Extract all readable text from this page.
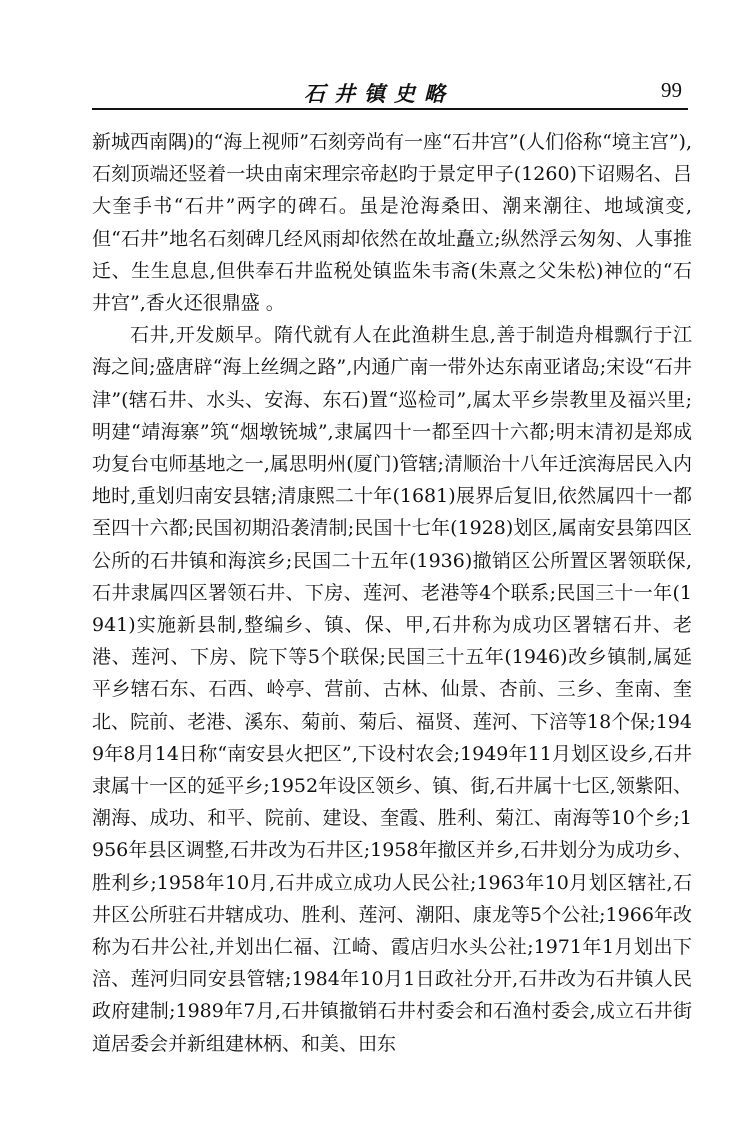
石井镇史略	99

新城西南隅)的“海上视师”石刻旁尚有一座“石井宫”(人们俗称“境主宫”),石刻顶端还竖着一块由南宋理宗帝赵昀于景定甲子(1260)下诏赐名、吕大奎手书“石井”两字的碑石。虽是沧海桑田、潮来潮往、地域演变,但“石井”地名石刻碑几经风雨却依然在故址矗立;纵然浮云匆匆、人事推迁、生生息息,但供奉石井监税处镇监朱韦斋(朱熹之父朱松)神位的“石井宫”,香火还很鼎盛 。

石井,开发颇早。隋代就有人在此渔耕生息,善于制造舟楫飘行于江海之间;盛唐辟“海上丝绸之路”,内通广南一带外达东南亚诸岛;宋设“石井津”(辖石井、水头、安海、东石)置“巡检司”,属太平乡崇教里及福兴里;明建“靖海寨”筑“烟墩铳城”,隶属四十一都至四十六都;明末清初是郑成功复台屯师基地之一,属思明州(厦门)管辖;清顺治十八年迁滨海居民入内地时,重划归南安县辖;清康熙二十年(1681)展界后复旧,依然属四十一都 至四十六都;民国初期沿袭清制;民国十七年(1928)划区,属南安县第四区公所的石井镇和海滨乡;民国二十五年(1936)撤销区公所置区署领联保,石井隶属四区署领石井、下房、莲河、老港等4个联系;民国三十一年(1941)实施新县制,整编乡、镇、保、甲,石井称为成功区署辖石井、老港、莲河、下房、院下等5个联保;民国三十五年(1946)改乡镇制,属延平乡辖石东、石西、岭亭、营前、古林、仙景、杏前、三乡、奎南、奎北、院前、老港、溪东、菊前、菊后、福贤、莲河、下涪等18个保;1949年8月14日称“南安县火把区”,下设村农会;1949年11月划区设乡,石井隶属十一区的延平乡;1952年设区领乡、镇、街,石井属十七区,领紫阳、潮海、成功、和平、院前、建设、奎霞、胜利、菊江、南海等10个乡;1956年县区调整,石井改为石井区;1958年撤区并乡,石井划分为成功乡、胜利乡;1958年10月,石井成立成功人民公社;1963年10月划区辖社,石井区公所驻石井辖成功、胜利、莲河、潮阳、康龙等5个公社;1966年改称为石井公社,并划出仁福、江崎、霞店归水头公社;1971年1月划出下涪、莲河归同安县管辖;1984年10月1日政社分开,石井改为石井镇人民政府建制;1989年7月,石井镇撤销石井村委会和石渔村委会,成立石井街道居委会并新组建林柄、和美、田东
